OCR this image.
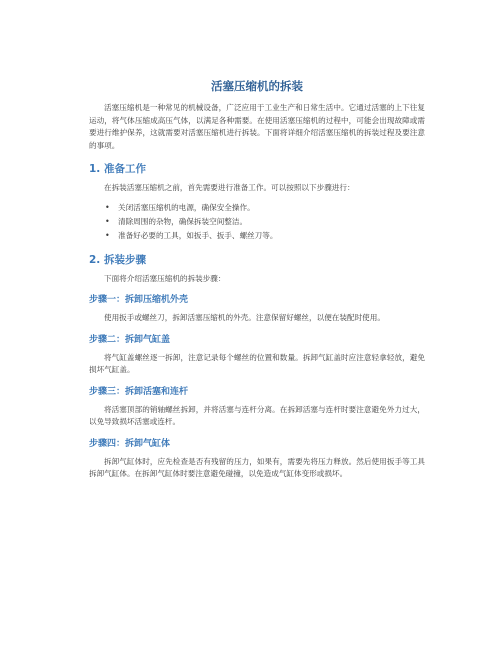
活塞压缩机的拆装

活塞压缩机是一种常见的机械设备，广泛应用于工业生产和日常生活中。它通过活塞的上下往复运动，将气体压缩成高压气体，以满足各种需要。在使用活塞压缩机的过程中，可能会出现故障或需要进行维护保养，这就需要对活塞压缩机进行拆装。下面将详细介绍活塞压缩机的拆装过程及要注意的事项。

1. 准备工作

在拆装活塞压缩机之前，首先需要进行准备工作。可以按照以下步骤进行：

• 关闭活塞压缩机的电源，确保安全操作。
• 清除周围的杂物，确保拆装空间整洁。
• 准备好必要的工具，如扳手、扳手、螺丝刀等。
2. 拆装步骤

下面将介绍活塞压缩机的拆装步骤：

步骤一：拆卸压缩机外壳

使用扳手或螺丝刀，拆卸活塞压缩机的外壳。注意保留好螺丝，以便在装配时使用。

步骤二：拆卸气缸盖

将气缸盖螺丝逐一拆卸，注意记录每个螺丝的位置和数量。拆卸气缸盖时应注意轻拿轻放，避免损坏气缸盖。

步骤三：拆卸活塞和连杆

将活塞顶部的销轴螺丝拆卸，并将活塞与连杆分离。在拆卸活塞与连杆时要注意避免外力过大，以免导致损坏活塞或连杆。

步骤四：拆卸气缸体

拆卸气缸体时，应先检查是否有残留的压力，如果有，需要先将压力释放。然后使用扳手等工具拆卸气缸体。在拆卸气缸体时要注意避免碰撞，以免造成气缸体变形或损坏。
